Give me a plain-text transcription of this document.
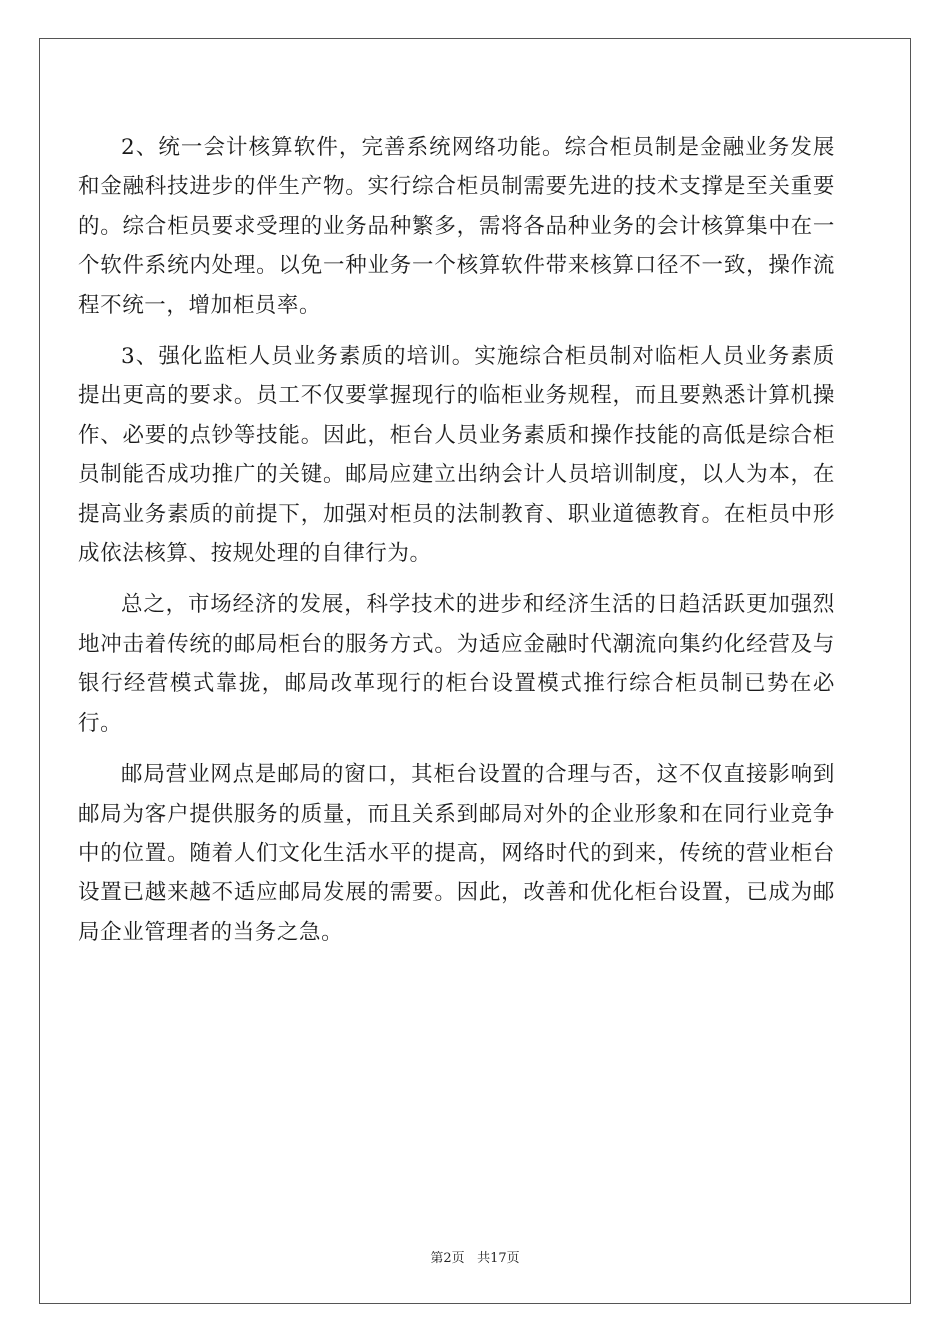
2、统一会计核算软件，完善系统网络功能。综合柜员制是金融业务发展和金融科技进步的伴生产物。实行综合柜员制需要先进的技术支撑是至关重要的。综合柜员要求受理的业务品种繁多，需将各品种业务的会计核算集中在一个软件系统内处理。以免一种业务一个核算软件带来核算口径不一致，操作流程不统一，增加柜员率。

3、强化监柜人员业务素质的培训。实施综合柜员制对临柜人员业务素质提出更高的要求。员工不仅要掌握现行的临柜业务规程，而且要熟悉计算机操作、必要的点钞等技能。因此，柜台人员业务素质和操作技能的高低是综合柜员制能否成功推广的关键。邮局应建立出纳会计人员培训制度，以人为本，在提高业务素质的前提下，加强对柜员的法制教育、职业道德教育。在柜员中形成依法核算、按规处理的自律行为。

总之，市场经济的发展，科学技术的进步和经济生活的日趋活跃更加强烈地冲击着传统的邮局柜台的服务方式。为适应金融时代潮流向集约化经营及与银行经营模式靠拢，邮局改革现行的柜台设置模式推行综合柜员制已势在必行。

邮局营业网点是邮局的窗口，其柜台设置的合理与否，这不仅直接影响到邮局为客户提供服务的质量，而且关系到邮局对外的企业形象和在同行业竞争中的位置。随着人们文化生活水平的提高，网络时代的到来，传统的营业柜台设置已越来越不适应邮局发展的需要。因此，改善和优化柜台设置，已成为邮局企业管理者的当务之急。

第2页 共17页
